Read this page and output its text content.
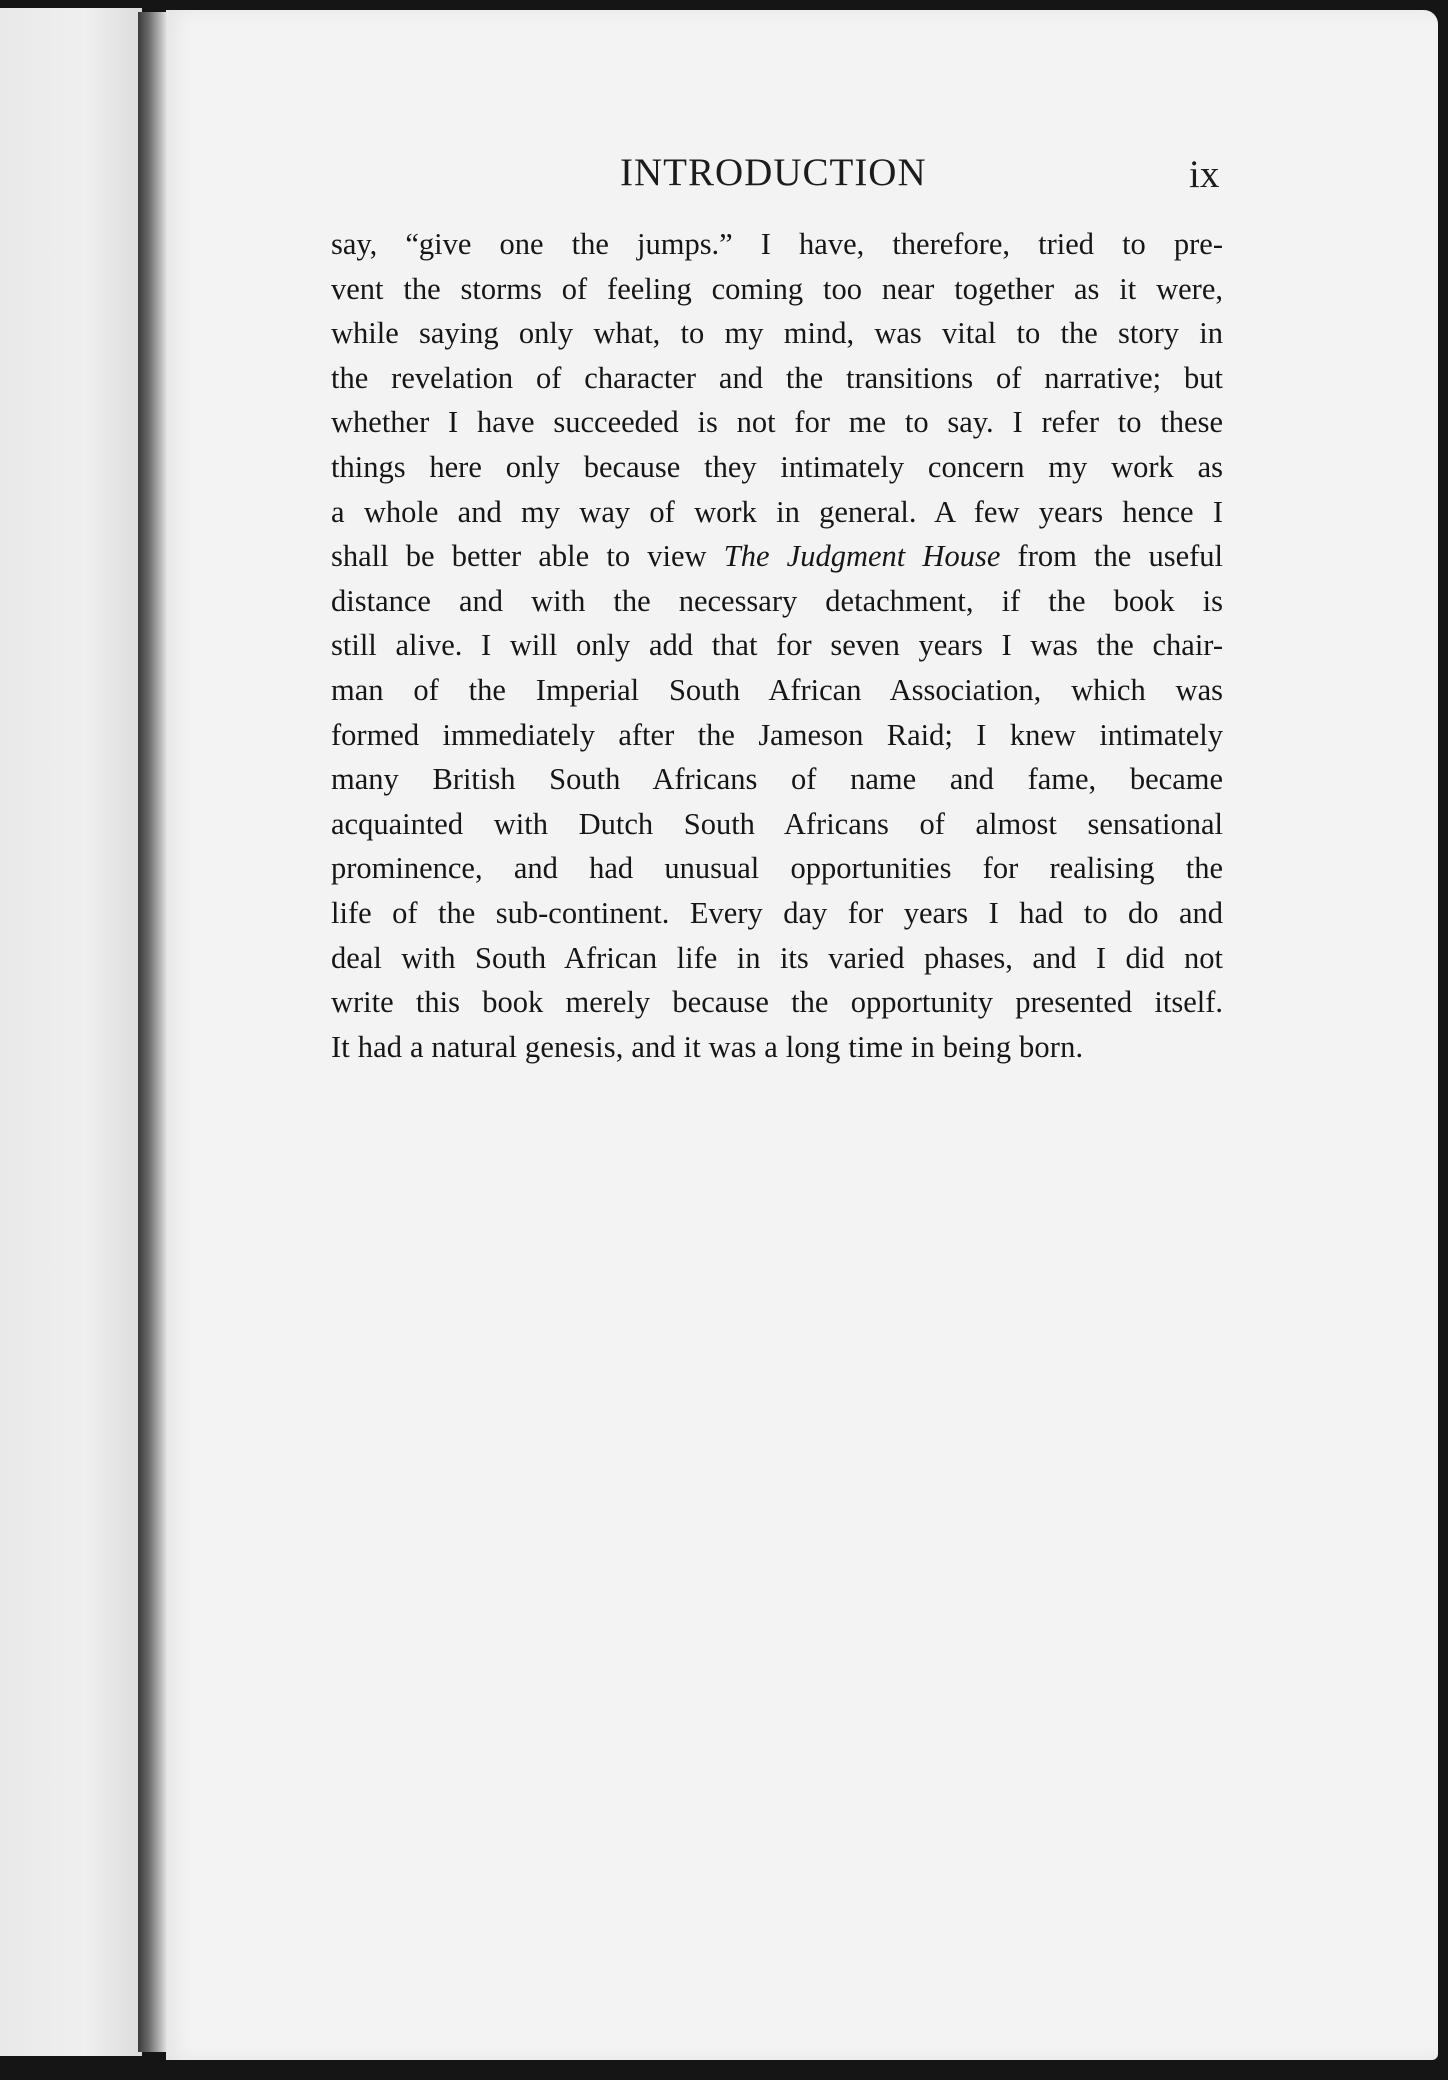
INTRODUCTION	ix
say, “give one the jumps.” I have, therefore, tried to pre-
vent the storms of feeling coming too near together as it were,
while saying only what, to my mind, was vital to the story in
the revelation of character and the transitions of narrative; but
whether I have succeeded is not for me to say. I refer to these
things here only because they intimately concern my work as
a whole and my way of work in general. A few years hence I
shall be better able to view The Judgment House from the useful
distance and with the necessary detachment, if the book is
still alive. I will only add that for seven years I was the chair-
man of the Imperial South African Association, which was
formed immediately after the Jameson Raid; I knew intimately
many British South Africans of name and fame, became
acquainted with Dutch South Africans of almost sensational
prominence, and had unusual opportunities for realising the
life of the sub-continent. Every day for years I had to do and
deal with South African life in its varied phases, and I did not
write this book merely because the opportunity presented itself.
It had a natural genesis, and it was a long time in being born.
